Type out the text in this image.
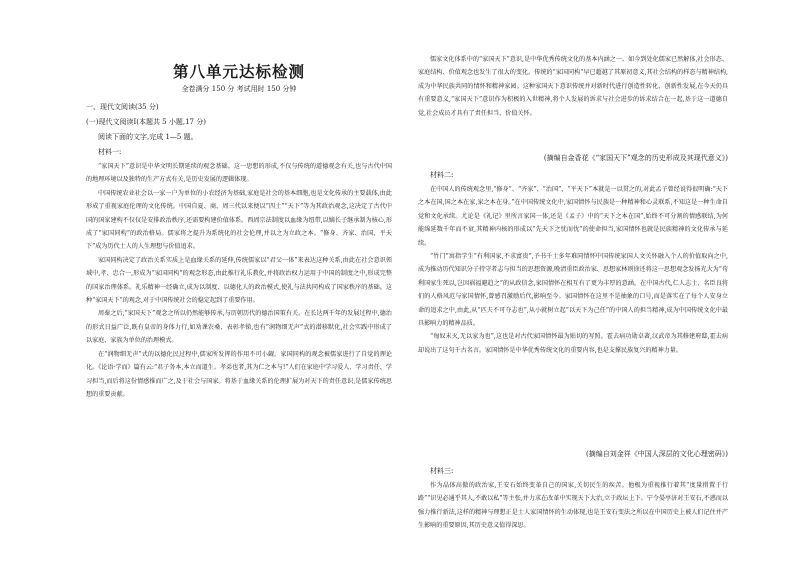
第八单元达标检测

全卷满分 150 分 考试用时 150 分钟

一、现代文阅读(35 分)
(一)现代文阅读Ⅰ(本题共 5 小题,17 分)
阅读下面的文字,完成 1—5 题。
材料一:

“家国天下”意识是中华文明长期延续的观念基础。这一思想的形成,不仅与传统的道德观念有关,也与古代中国的地理环境以及独特的生产方式有关,是历史发展的逻辑体现。

中国传统农业社会以一家一户为单位的小农经济为基础,家庭是社会的基本细胞,也是文化传承的主要载体,由此形成了重视家庭伦理的文化传统。中国自夏、商、周三代以来便以“四土”“天下”等为其政治观念,这决定了古代中国的国家建构不仅仅是安排政治秩序,还需要构建价值体系。西周宗法制度以血缘为纽带,以嫡长子继承制为核心,形成了“家国同构”的政治格局。儒家将之提升为系统化的社会伦理,并以之为立政之本。“修身、齐家、治国、平天下”成为历代士人的人生理想与价值追求。

家国同构决定了政治关系实质上是血缘关系的延伸,传统儒家以“君父一体”来表达这种关系,由此在社会意识领域中,孝、忠合一,形成为“家国同构”的观念形态,由此推行礼乐教化,并将政治权力运用于中国的制度之中,形成完整的国家治理体系。礼乐精神一经确立,成为以制度、以德化人的政治模式,使礼与法共同构成了国家秩序的基础。这种“家国天下”的观念,对于中国传统社会的稳定起到了重要作用。

周秦之后,“家国天下”观念之所以仍然能够传承,与历朝历代的德治国策有关。在长达两千年的发展过程中,德治的形式日益广泛,既有皇帝的身体力行,如劝课农桑、表彰孝悌,也有“润物细无声”式的潜移默化,社会实践中形成了以家庭、家族为单位的治理模式。

在“润物细无声”式的以德化民过程中,儒家所发挥的作用不可小觑。家国同构的观念被儒家进行了自觉的理论化。《论语·学而》篇有云:“君子务本,本立而道生。孝弟也者,其为仁之本与!”人们在家庭中学习爱人、学习责任、学习担当,而后将这份情感推而广之,及于社会与国家。将基于血缘关系的伦理扩展为对天下的责任意识,是儒家传统思想的重要贡献。

儒家文化体系中的“家国天下”意识,是中华优秀传统文化的基本内涵之一。如今到处化儒家已然解体,社会形态、家庭结构、价值观念也发生了很大的变化。传统的“家国同构”早已超越了其原初意义,其社会结构的样态与精神结构,成为中华民族共同的情怀和精神家园。这种家国天下意识传统并对新时代进行创造性转化、创新性发展,在今天仍具有重要意义,“家国天下”意识作为积极的入世精神,将个人发展的诉求与社会进步的诉求结合在一起,基于这一道德自觉,社会成员才具有了责任担当、价值关怀。

(摘编自金香花《“家国天下”观念的历史形成及其现代意义》)

材料二:

在中国人的传统观念里,“修身”、“齐家”、“治国”、“平天下”本就是一以贯之的,对此孟子曾经说得很明确:“天下之本在国,国之本在家,家之本在身。”在中国传统文化中,家国情怀与民族是一种精神和心灵联系,不知这是一种生命自觉和文化承续。尤论是《礼记》里所言家国一体,还是《孟子》中的“天下之本在国”,始终不可分割的情感联结,为何能绵延数千年而不衰,其精神内核的形成以“先天下之忧而忧”的使命担当,家国情怀也就是民族精神的文化传承与延续。

“竹门”寓指学生“有利国家,不求富贵”,予书千士多年难同情怀中国传统家国人文关怀融入个人的价值取向之中,成为推动历代知识分子持守者志与担当的思想资源,晚清重臣政治家、思想家林则徐还将这一思想观念发扬光大为“苟利国家生死以,岂因祸福避趋之”的从政信念,家国情怀在相互有了更为丰厚的意涵。在中国古代,仁人志士、名臣良将们的人格风范与家国情怀,曾感召激励后代,影响至今。家国情怀在这里不是抽象的口号,而是落实在了每个人安身立命的追求之中,由此,从“匹夫不可夺志也”,从小就树立起“以天下为己任”的中国人的担当精神,成为中国传统文化中最具影响力的精神品质。

“匈奴未灭,无以家为也”,这也是对古代家国情怀最为贴切的写照。霍去病功勋卓著,汉武帝为其修建府邸,霍去病却说出了这句千古名言。家国情怀是中华优秀传统文化的重要内容,也是支撑民族复兴的精神力量。

(摘编自刘金祥《中国人深层的文化心理密码》)

材料三:

作为晶体高傲的政治家,王安石始终变革自己的国家,关切民生的疾苦。他极为重视推行着其“度量措置于行路”“识见必通乎其人,不敢以私”等主张,并力求在改革中实现天下大治,立于政坛上下。宁令晏亭济对王安石,不惑而以强力推行新法,这样的精神与理想正是士人家国情怀的生动体现,也是王安石变法之所以在中国历史上被人们记住并产生影响的重要原因,其历史意义值得深思。
